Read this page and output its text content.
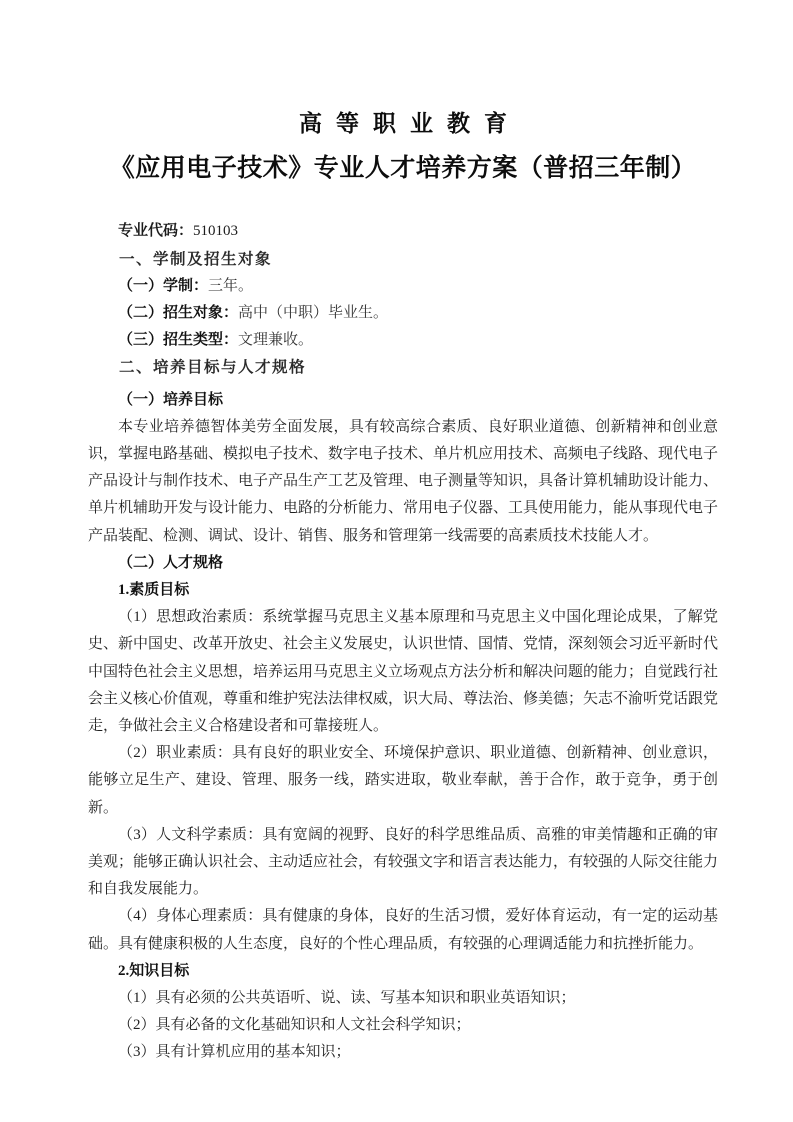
高等职业教育
《应用电子技术》专业人才培养方案（普招三年制）

专业代码：510103

一、学制及招生对象

（一）学制：三年。

（二）招生对象：高中（中职）毕业生。

（三）招生类型：文理兼收。

二、培养目标与人才规格
（一）培养目标

本专业培养德智体美劳全面发展，具有较高综合素质、良好职业道德、创新精神和创业意识，掌握电路基础、模拟电子技术、数字电子技术、单片机应用技术、高频电子线路、现代电子产品设计与制作技术、电子产品生产工艺及管理、电子测量等知识，具备计算机辅助设计能力、单片机辅助开发与设计能力、电路的分析能力、常用电子仪器、工具使用能力，能从事现代电子产品装配、检测、调试、设计、销售、服务和管理第一线需要的高素质技术技能人才。

（二）人才规格
1.素质目标

（1）思想政治素质：系统掌握马克思主义基本原理和马克思主义中国化理论成果，了解党史、新中国史、改革开放史、社会主义发展史，认识世情、国情、党情，深刻领会习近平新时代中国特色社会主义思想，培养运用马克思主义立场观点方法分析和解决问题的能力；自觉践行社会主义核心价值观，尊重和维护宪法法律权威，识大局、尊法治、修美德；矢志不渝听党话跟党走，争做社会主义合格建设者和可靠接班人。

（2）职业素质：具有良好的职业安全、环境保护意识、职业道德、创新精神、创业意识，能够立足生产、建设、管理、服务一线，踏实进取，敬业奉献，善于合作，敢于竞争，勇于创新。

（3）人文科学素质：具有宽阔的视野、良好的科学思维品质、高雅的审美情趣和正确的审美观；能够正确认识社会、主动适应社会，有较强文字和语言表达能力，有较强的人际交往能力和自我发展能力。

（4）身体心理素质：具有健康的身体，良好的生活习惯，爱好体育运动，有一定的运动基础。具有健康积极的人生态度，良好的个性心理品质，有较强的心理调适能力和抗挫折能力。

2.知识目标

（1）具有必须的公共英语听、说、读、写基本知识和职业英语知识；

（2）具有必备的文化基础知识和人文社会科学知识；

（3）具有计算机应用的基本知识；
